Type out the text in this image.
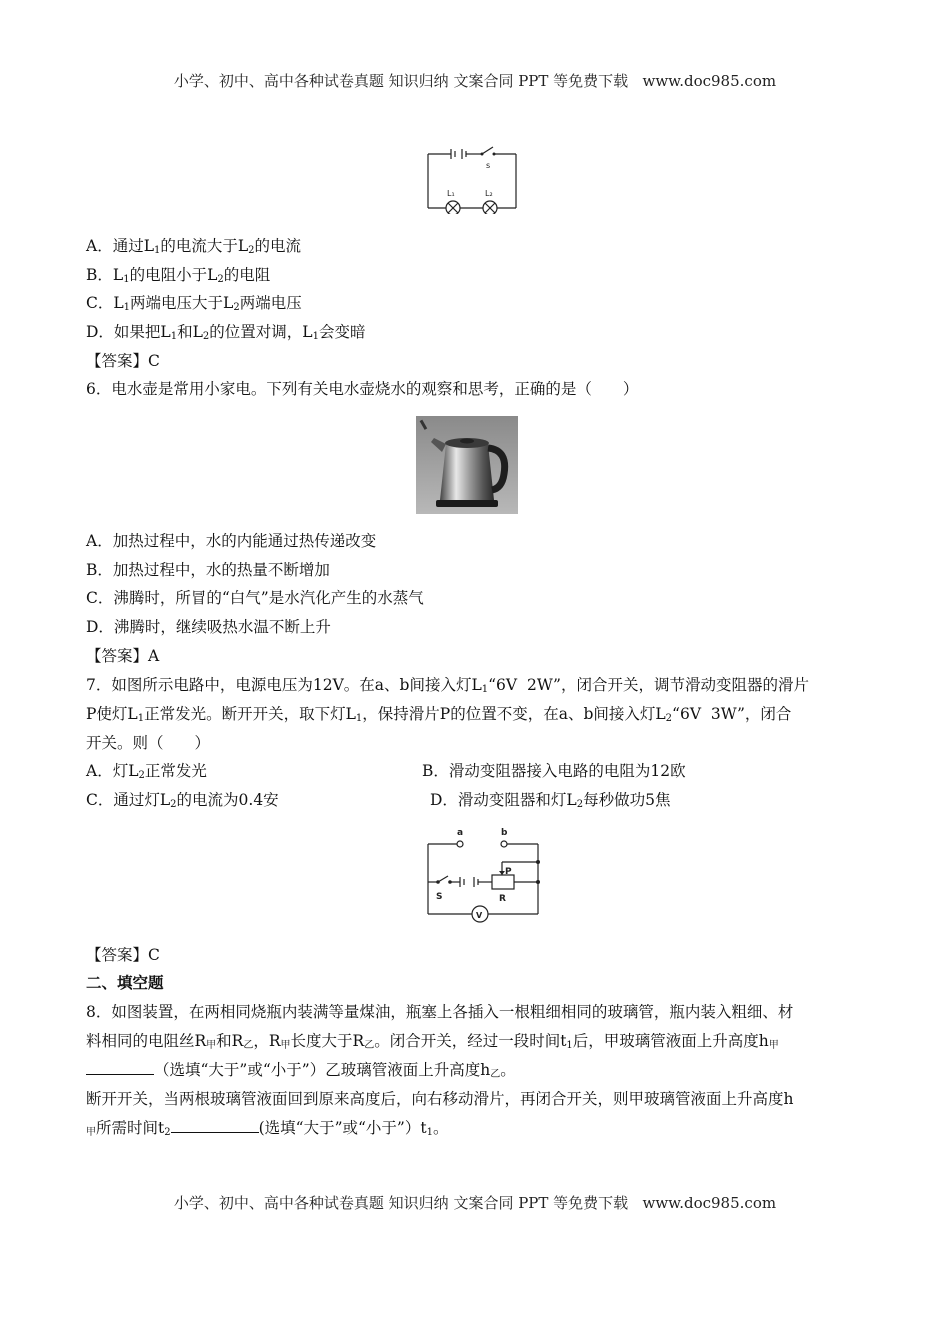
小学、初中、高中各种试卷真题 知识归纳 文案合同 PPT 等免费下载   www.doc985.com
s
L₁	L₂
A．通过$L_1$的电流大于$L_2$的电流
B．$L_1$的电阻小于$L_2$的电阻
C．$L_1$两端电压大于$L_2$两端电压
D．如果把$L_1$和$L_2$的位置对调，$L_1$会变暗
【答案】C
6．电水壶是常用小家电。下列有关电水壶烧水的观察和思考，正确的是（　　）
A．加热过程中，水的内能通过热传递改变
B．加热过程中，水的热量不断增加
C．沸腾时，所冒的“白气”是水汽化产生的水蒸气
D．沸腾时，继续吸热水温不断上升
【答案】A
7．如图所示电路中，电源电压为12V。在a、b间接入灯$L_1“6V$  2W”，闭合开关，调节滑动变阻器的滑片
P使灯$L_1$正常发光。断开开关，取下灯$L_1$，保持滑片P的位置不变，在a、b间接入灯$L_2“6V$  3W”，闭合
开关。则（　　）
A．灯$L_2$正常发光	B．滑动变阻器接入电路的电阻为12欧
C．通过灯$L_2$的电流为0.4安	D．滑动变阻器和灯$L_2$每秒做功5焦
a	b
P
S	R
V
【答案】C
二、填空题
8．如图装置，在两相同烧瓶内装满等量煤油，瓶塞上各插入一根粗细相同的玻璃管，瓶内装入粗细、材
料相同的电阻丝$R_甲$和$R_乙$，$R_甲$长度大于$R_乙$。闭合开关，经过一段时间$t_1$后，甲玻璃管液面上升高度$h_甲$
（选填“大于”或“小于”）乙玻璃管液面上升高度$h_乙$。
断开开关，当两根玻璃管液面回到原来高度后，向右移动滑片，再闭合开关，则甲玻璃管液面上升高度h
$_甲$所需时间$t_2$	(选填“大于”或“小于$”)t_1$。
小学、初中、高中各种试卷真题 知识归纳 文案合同 PPT 等免费下载   www.doc985.com
